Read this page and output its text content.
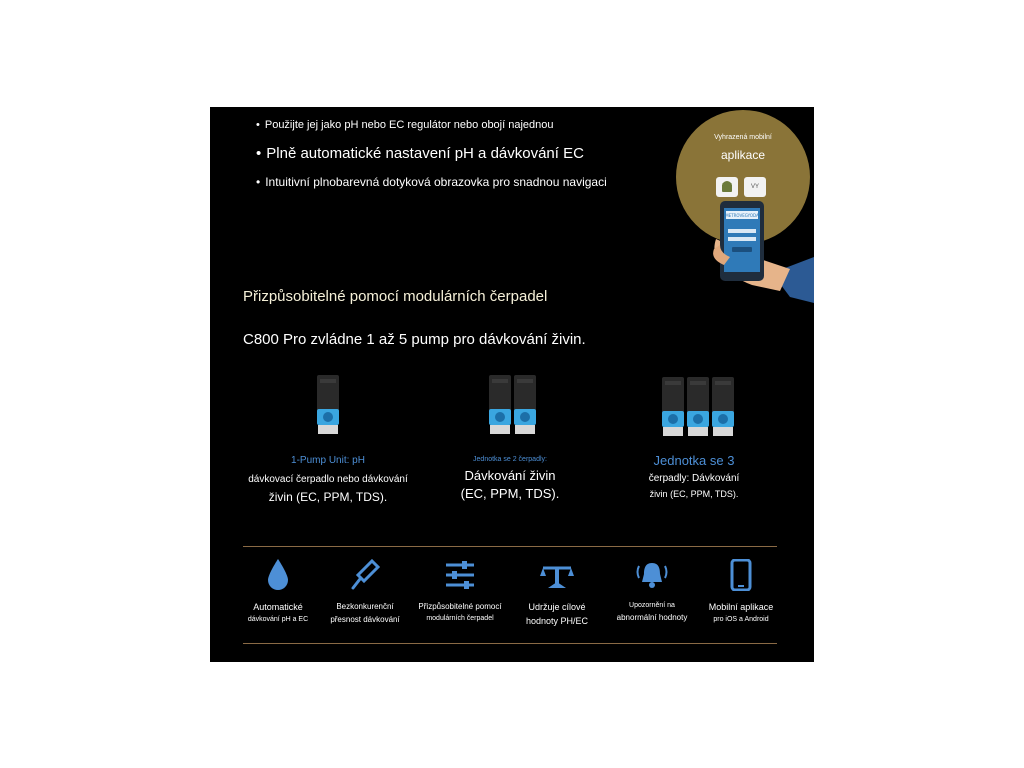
• Použijte jej jako pH nebo EC regulátor nebo obojí najednou
• Plně automatické nastavení pH a dávkování EC
• Intuitivní plnobarevná dotyková obrazovka pro snadnou navigaci
Vyhrazená mobilní
aplikace
VY
METROVEGYODA
Přizpůsobitelné pomocí modulárních čerpadel
C800 Pro zvládne 1 až 5 pump pro dávkování živin.
1-Pump Unit: pH
dávkovací čerpadlo nebo dávkování
živin (EC, PPM, TDS).
Jednotka se 2 čerpadly:
Dávkování živin
(EC, PPM, TDS).
Jednotka se 3
čerpadly: Dávkování
živin (EC, PPM, TDS).
Automatické
dávkování pH a EC
Bezkonkurenční
přesnost dávkování
Přizpůsobitelné pomocí
modulárních čerpadel
Udržuje cílové
hodnoty PH/EC
Upozornění na
abnormální hodnoty
Mobilní aplikace
pro iOS a Android
